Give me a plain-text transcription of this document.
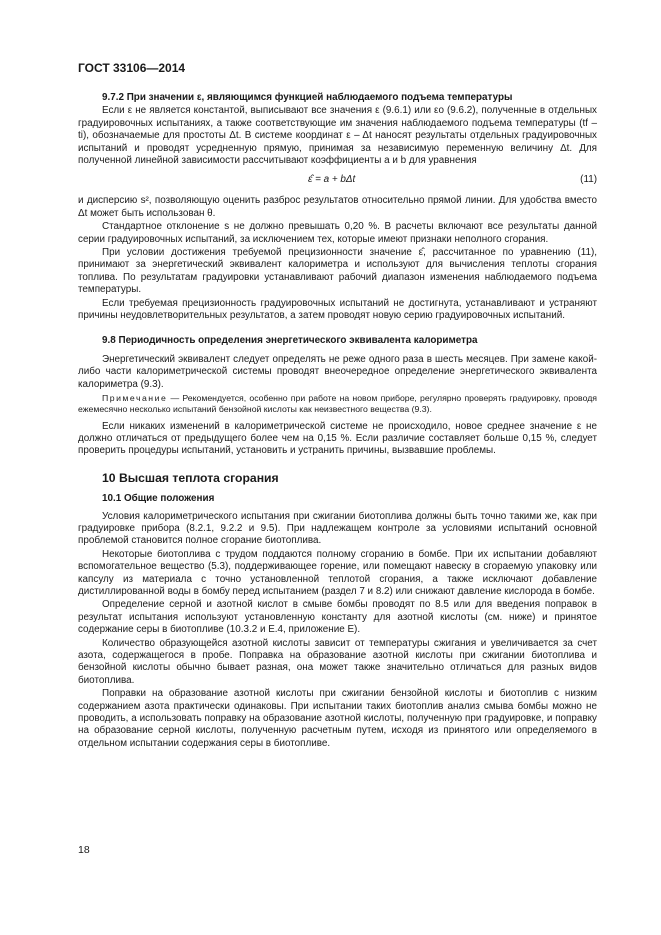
ГОСТ 33106—2014
9.7.2 При значении ε, являющимся функцией наблюдаемого подъема температуры
Если ε не является константой, выписывают все значения ε (9.6.1) или εо (9.6.2), полученные в отдельных градуировочных испытаниях, а также соответствующие им значения наблюдаемого подъема температуры (tf – ti), обозначаемые для простоты Δt. В системе координат ε – Δt наносят результаты отдельных градуировочных испытаний и проводят усредненную прямую, принимая за независимую переменную величину Δt. Для полученной линейной зависимости рассчитывают коэффициенты a и b для уравнения
ε̂ = a + bΔt	(11)
и дисперсию s², позволяющую оценить разброс результатов относительно прямой линии. Для удобства вместо Δt может быть использован θ.
Стандартное отклонение s не должно превышать 0,20 %. В расчеты включают все результаты данной серии градуировочных испытаний, за исключением тех, которые имеют признаки неполного сгорания.
При условии достижения требуемой прецизионности значение ε̂, рассчитанное по уравнению (11), принимают за энергетический эквивалент калориметра и используют для вычисления теплоты сгорания топлива. По результатам градуировки устанавливают рабочий диапазон изменения наблюдаемого подъема температуры.
Если требуемая прецизионность градуировочных испытаний не достигнута, устанавливают и устраняют причины неудовлетворительных результатов, а затем проводят новую серию градуировочных испытаний.
9.8 Периодичность определения энергетического эквивалента калориметра
Энергетический эквивалент следует определять не реже одного раза в шесть месяцев. При замене какой-либо части калориметрической системы проводят внеочередное определение энергетического эквивалента калориметра (9.3).
Примечание — Рекомендуется, особенно при работе на новом приборе, регулярно проверять градуировку, проводя ежемесячно несколько испытаний бензойной кислоты как неизвестного вещества (9.3).
Если никаких изменений в калориметрической системе не происходило, новое среднее значение ε не должно отличаться от предыдущего более чем на 0,15 %. Если различие составляет больше 0,15 %, следует проверить процедуры испытаний, установить и устранить причины, вызвавшие проблемы.
10 Высшая теплота сгорания
10.1 Общие положения
Условия калориметрического испытания при сжигании биотоплива должны быть точно такими же, как при градуировке прибора (8.2.1, 9.2.2 и 9.5). При надлежащем контроле за условиями испытаний основной проблемой становится полное сгорание биотоплива.
Некоторые биотоплива с трудом поддаются полному сгоранию в бомбе. При их испытании добавляют вспомогательное вещество (5.3), поддерживающее горение, или помещают навеску в сгораемую упаковку или капсулу из материала с точно установленной теплотой сгорания, а также исключают добавление дистиллированной воды в бомбу перед испытанием (раздел 7 и 8.2) или снижают давление кислорода в бомбе.
Определение серной и азотной кислот в смыве бомбы проводят по 8.5 или для введения поправок в результат испытания используют установленную константу для азотной кислоты (см. ниже) и принятое содержание серы в биотопливе (10.3.2 и Е.4, приложение Е).
Количество образующейся азотной кислоты зависит от температуры сжигания и увеличивается за счет азота, содержащегося в пробе. Поправка на образование азотной кислоты при сжигании биотоплива и бензойной кислоты обычно бывает разная, она может также значительно отличаться для разных видов биотоплива.
Поправки на образование азотной кислоты при сжигании бензойной кислоты и биотоплив с низким содержанием азота практически одинаковы. При испытании таких биотоплив анализ смыва бомбы можно не проводить, а использовать поправку на образование азотной кислоты, полученную при градуировке, и поправку на образование серной кислоты, полученную расчетным путем, исходя из принятого или определяемого в отдельном испытании содержания серы в биотопливе.
18
